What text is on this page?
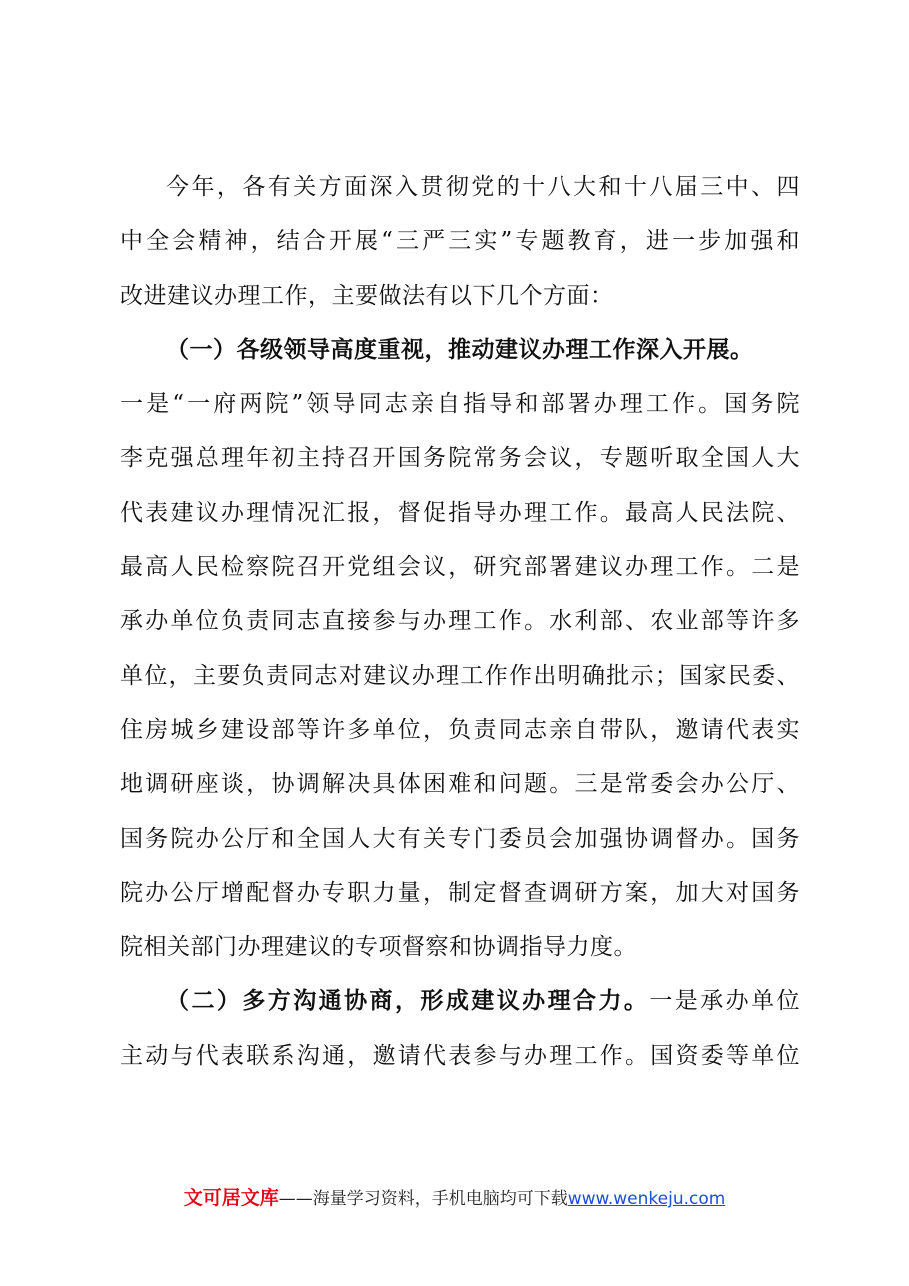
今年，各有关方面深入贯彻党的十八大和十八届三中、四
中全会精神，结合开展“三严三实”专题教育，进一步加强和
改进建议办理工作，主要做法有以下几个方面：
（一）各级领导高度重视，推动建议办理工作深入开展。
一是“一府两院”领导同志亲自指导和部署办理工作。国务院
李克强总理年初主持召开国务院常务会议，专题听取全国人大
代表建议办理情况汇报，督促指导办理工作。最高人民法院、
最高人民检察院召开党组会议，研究部署建议办理工作。二是
承办单位负责同志直接参与办理工作。水利部、农业部等许多
单位，主要负责同志对建议办理工作作出明确批示；国家民委、
住房城乡建设部等许多单位，负责同志亲自带队，邀请代表实
地调研座谈，协调解决具体困难和问题。三是常委会办公厅、
国务院办公厅和全国人大有关专门委员会加强协调督办。国务
院办公厅增配督办专职力量，制定督查调研方案，加大对国务
院相关部门办理建议的专项督察和协调指导力度。
（二）多方沟通协商，形成建议办理合力。一是承办单位
主动与代表联系沟通，邀请代表参与办理工作。国资委等单位
文可居文库——海量学习资料，手机电脑均可下载www.wenkeju.com
